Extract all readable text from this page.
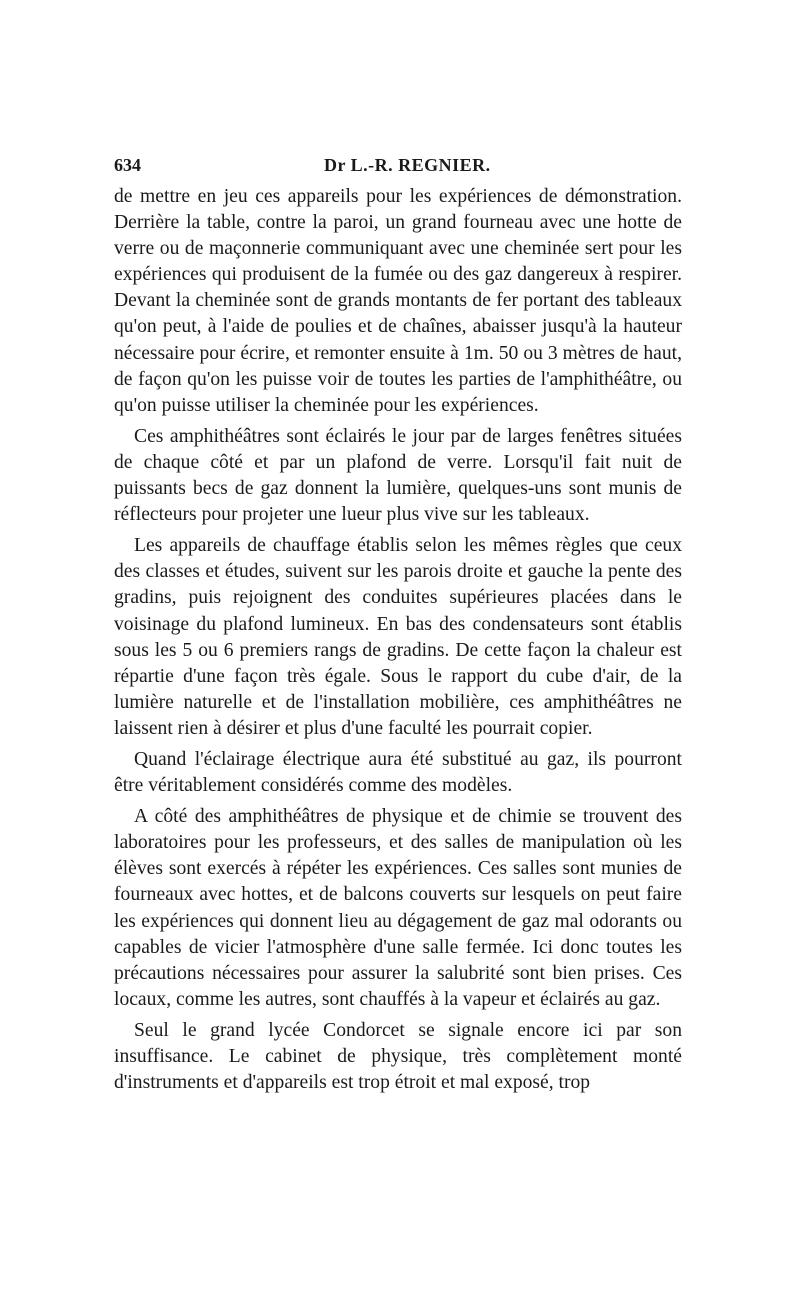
634	Dr L.-R. REGNIER.

de mettre en jeu ces appareils pour les expériences de démonstration. Derrière la table, contre la paroi, un grand fourneau avec une hotte de verre ou de maçonnerie communiquant avec une cheminée sert pour les expériences qui produisent de la fumée ou des gaz dangereux à respirer. Devant la cheminée sont de grands montants de fer portant des tableaux qu'on peut, à l'aide de poulies et de chaînes, abaisser jusqu'à la hauteur nécessaire pour écrire, et remonter ensuite à 1m. 50 ou 3 mètres de haut, de façon qu'on les puisse voir de toutes les parties de l'amphithéâtre, ou qu'on puisse utiliser la cheminée pour les expériences.

Ces amphithéâtres sont éclairés le jour par de larges fenêtres situées de chaque côté et par un plafond de verre. Lorsqu'il fait nuit de puissants becs de gaz donnent la lumière, quelques-uns sont munis de réflecteurs pour projeter une lueur plus vive sur les tableaux.

Les appareils de chauffage établis selon les mêmes règles que ceux des classes et études, suivent sur les parois droite et gauche la pente des gradins, puis rejoignent des conduites supérieures placées dans le voisinage du plafond lumineux. En bas des condensateurs sont établis sous les 5 ou 6 premiers rangs de gradins. De cette façon la chaleur est répartie d'une façon très égale. Sous le rapport du cube d'air, de la lumière naturelle et de l'installation mobilière, ces amphithéâtres ne laissent rien à désirer et plus d'une faculté les pourrait copier.

Quand l'éclairage électrique aura été substitué au gaz, ils pourront être véritablement considérés comme des modèles.

A côté des amphithéâtres de physique et de chimie se trouvent des laboratoires pour les professeurs, et des salles de manipulation où les élèves sont exercés à répéter les expériences. Ces salles sont munies de fourneaux avec hottes, et de balcons couverts sur lesquels on peut faire les expériences qui donnent lieu au dégagement de gaz mal odorants ou capables de vicier l'atmosphère d'une salle fermée. Ici donc toutes les précautions nécessaires pour assurer la salubrité sont bien prises. Ces locaux, comme les autres, sont chauffés à la vapeur et éclairés au gaz.

Seul le grand lycée Condorcet se signale encore ici par son insuffisance. Le cabinet de physique, très complètement monté d'instruments et d'appareils est trop étroit et mal exposé, trop
